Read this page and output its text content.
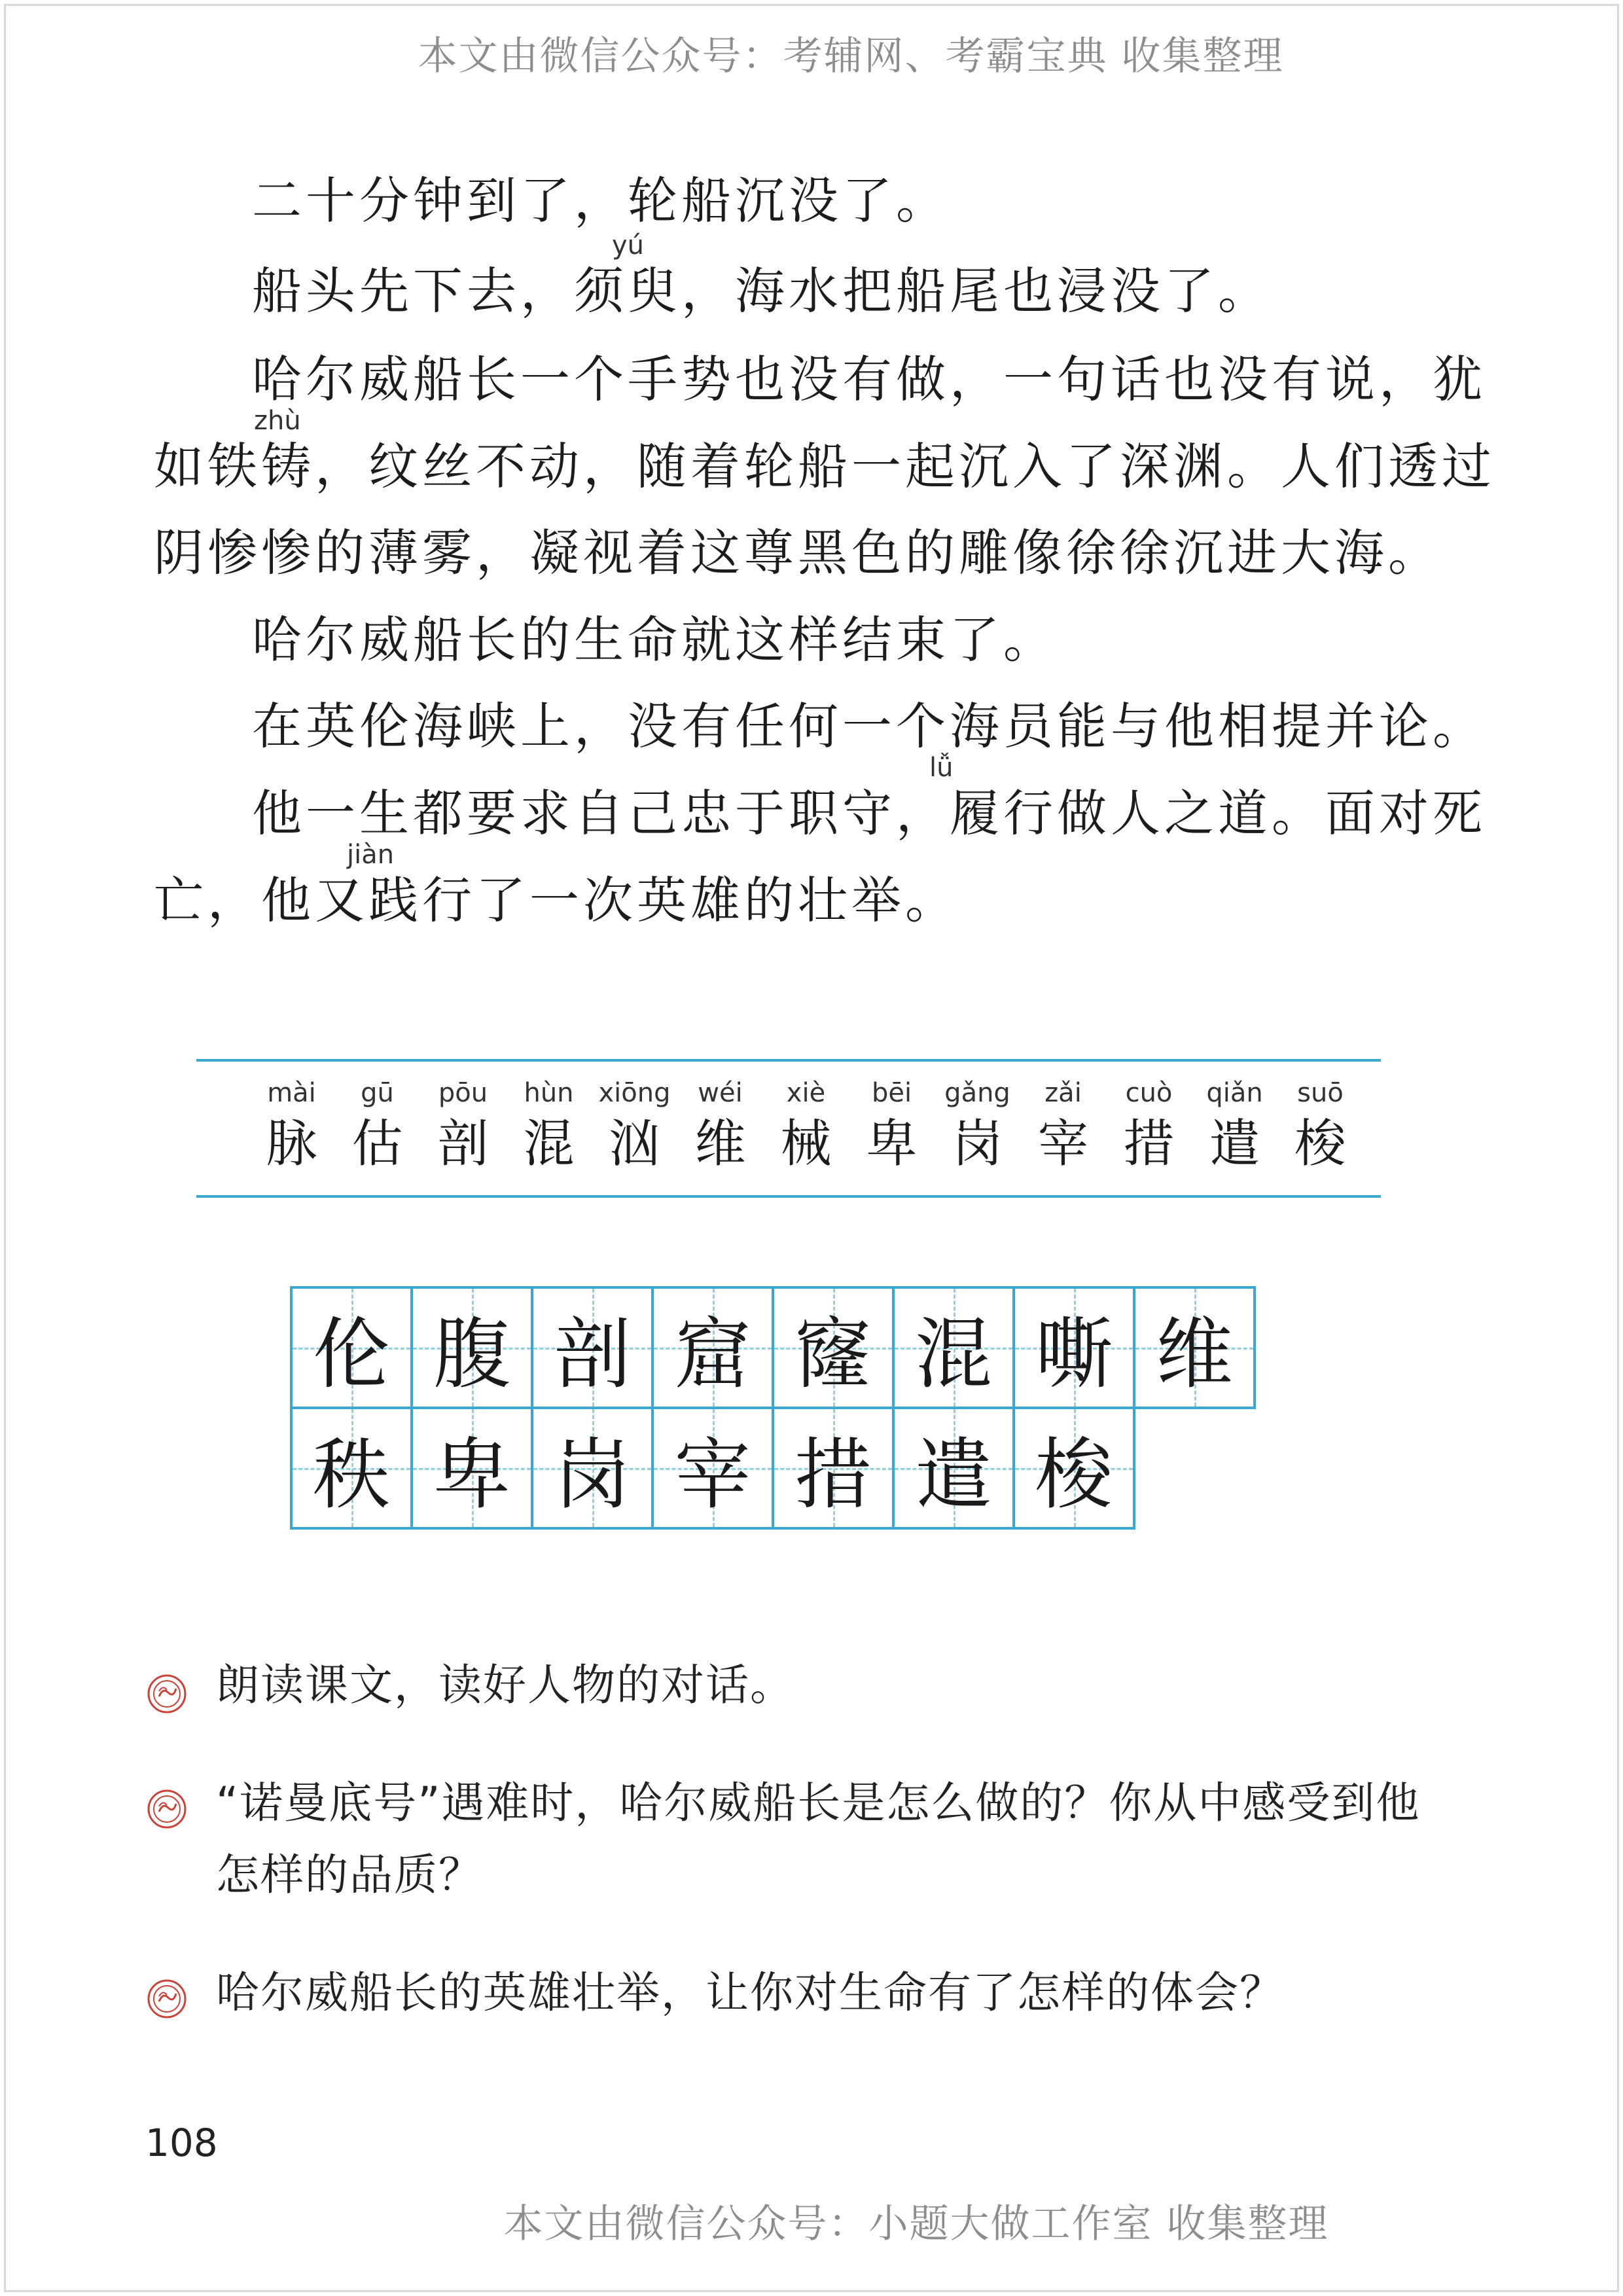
本文由微信公众号：考辅网、考霸宝典 收集整理
二十分钟到了，轮船沉没了。
yú
船头先下去，须臾，海水把船尾也浸没了。
哈尔威船长一个手势也没有做，一句话也没有说，犹
zhù
如铁铸，纹丝不动，随着轮船一起沉入了深渊。人们透过
阴惨惨的薄雾，凝视着这尊黑色的雕像徐徐沉进大海。
哈尔威船长的生命就这样结束了。
在英伦海峡上，没有任何一个海员能与他相提并论。
lǚ
他一生都要求自己忠于职守，履行做人之道。面对死
jiàn
亡，他又践行了一次英雄的壮举。
mài
脉
gū
估
pōu
剖
hùn
混
xiōng
汹
wéi
维
xiè
械
bēi
卑
gǎng
岗
zǎi
宰
cuò
措
qiǎn
遣
suō
梭
伦 腹 剖 窟 窿 混 嘶 维
秩 卑 岗 宰 措 遣 梭
朗读课文，读好人物的对话。
“诺曼底号”遇难时，哈尔威船长是怎么做的？你从中感受到他怎样的品质？
哈尔威船长的英雄壮举，让你对生命有了怎样的体会？
108
本文由微信公众号：小题大做工作室 收集整理
